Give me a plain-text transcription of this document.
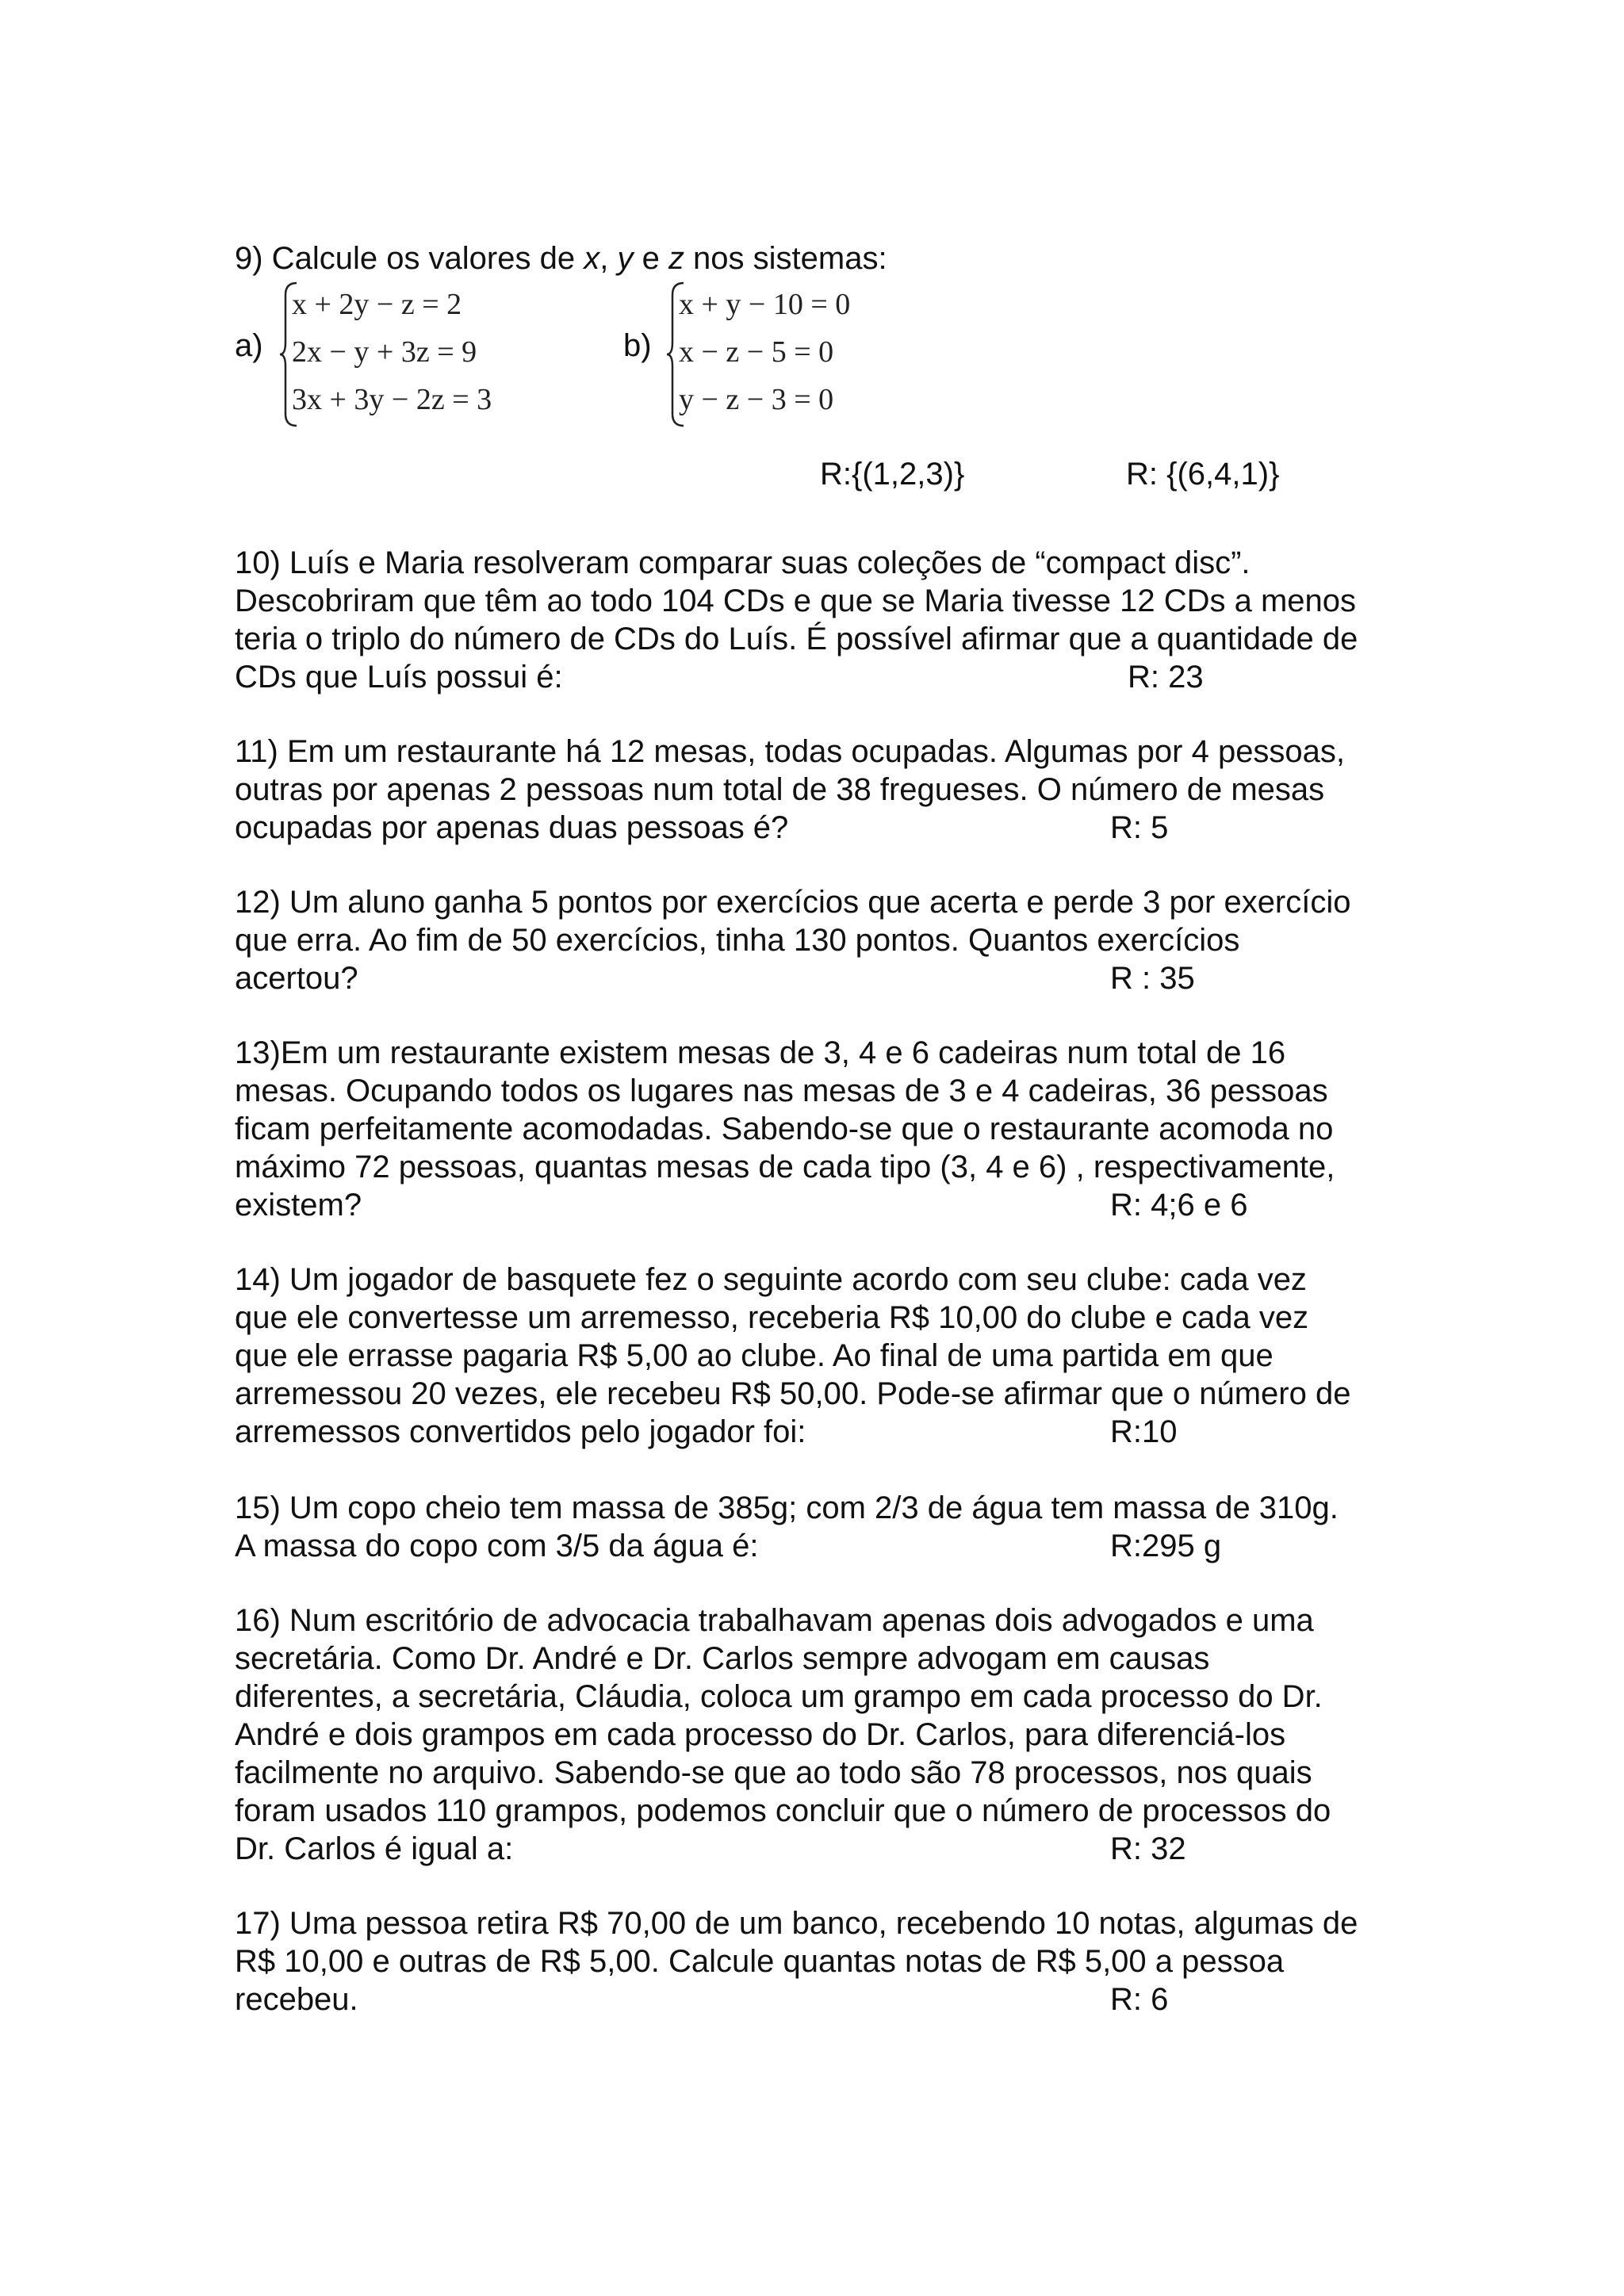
9) Calcule os valores de x, y e z nos sistemas:
a)
x + 2y − z = 2
2x − y + 3z = 9
3x + 3y − 2z = 3
b)
x + y − 10 = 0
x − z − 5 = 0
y − z − 3 = 0
R:{(1,2,3)}	R: {(6,4,1)}
10) Luís e Maria resolveram comparar suas coleções de “compact disc”.
Descobriram que têm ao todo 104 CDs e que se Maria tivesse 12 CDs a menos
teria o triplo do número de CDs do Luís. É possível afirmar que a quantidade de
CDs que Luís possui é:	R: 23
11) Em um restaurante há 12 mesas, todas ocupadas. Algumas por 4 pessoas,
outras por apenas 2 pessoas num total de 38 fregueses. O número de mesas
ocupadas por apenas duas pessoas é?	R: 5
12) Um aluno ganha 5 pontos por exercícios que acerta e perde 3 por exercício
que erra. Ao fim de 50 exercícios, tinha 130 pontos. Quantos exercícios
acertou?	R : 35
13)Em um restaurante existem mesas de 3, 4 e 6 cadeiras num total de 16
mesas. Ocupando todos os lugares nas mesas de 3 e 4 cadeiras, 36 pessoas
ficam perfeitamente acomodadas. Sabendo-se que o restaurante acomoda no
máximo 72 pessoas, quantas mesas de cada tipo (3, 4 e 6) , respectivamente,
existem?	R: 4;6 e 6
14) Um jogador de basquete fez o seguinte acordo com seu clube: cada vez
que ele convertesse um arremesso, receberia R$ 10,00 do clube e cada vez
que ele errasse pagaria R$ 5,00 ao clube. Ao final de uma partida em que
arremessou 20 vezes, ele recebeu R$ 50,00. Pode-se afirmar que o número de
arremessos convertidos pelo jogador foi:	R:10
15) Um copo cheio tem massa de 385g; com 2/3 de água tem massa de 310g.
A massa do copo com 3/5 da água é:	R:295 g
16) Num escritório de advocacia trabalhavam apenas dois advogados e uma
secretária. Como Dr. André e Dr. Carlos sempre advogam em causas
diferentes, a secretária, Cláudia, coloca um grampo em cada processo do Dr.
André e dois grampos em cada processo do Dr. Carlos, para diferenciá-los
facilmente no arquivo. Sabendo-se que ao todo são 78 processos, nos quais
foram usados 110 grampos, podemos concluir que o número de processos do
Dr. Carlos é igual a:	R: 32
17) Uma pessoa retira R$ 70,00 de um banco, recebendo 10 notas, algumas de
R$ 10,00 e outras de R$ 5,00. Calcule quantas notas de R$ 5,00 a pessoa
recebeu.	R: 6
